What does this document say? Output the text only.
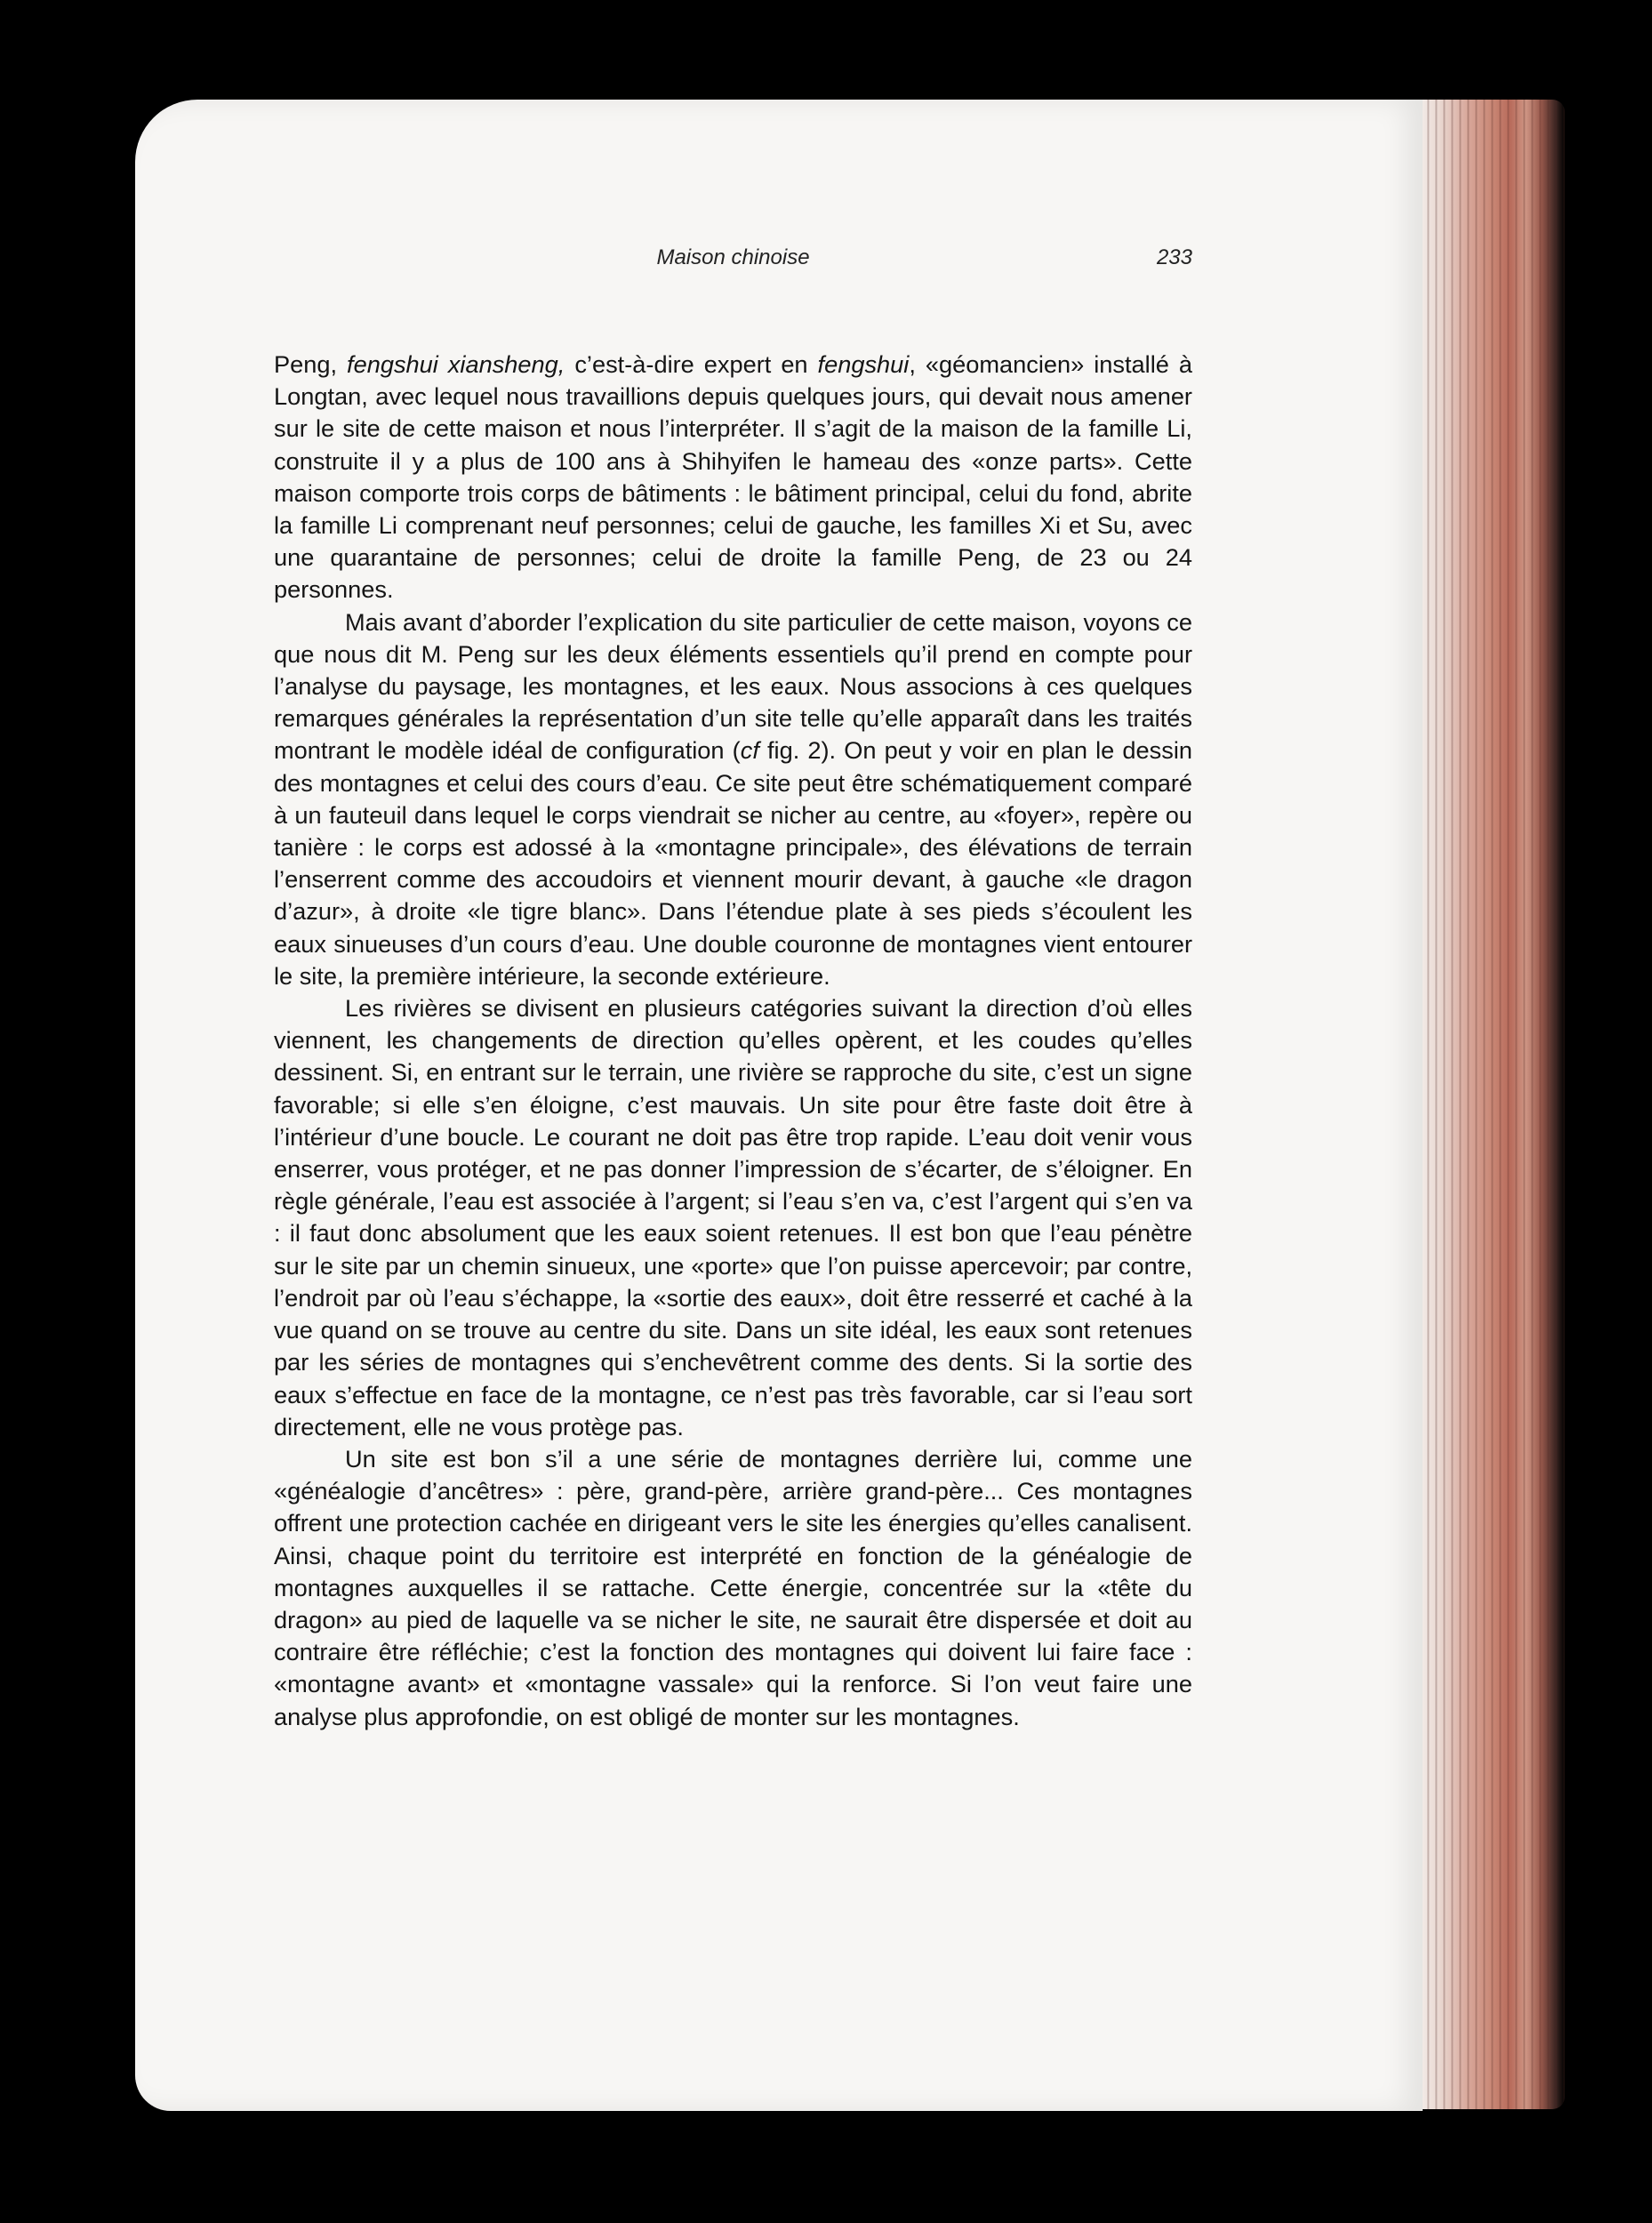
Maison chinoise	233

Peng, fengshui xiansheng, c’est-à-dire expert en fengshui, «géomancien» installé à Longtan, avec lequel nous travaillions depuis quelques jours, qui devait nous amener sur le site de cette maison et nous l’interpréter. Il s’agit de la maison de la famille Li, construite il y a plus de 100 ans à Shihyifen le hameau des «onze parts». Cette maison comporte trois corps de bâtiments : le bâtiment principal, celui du fond, abrite la famille Li comprenant neuf personnes; celui de gauche, les familles Xi et Su, avec une quarantaine de personnes; celui de droite la famille Peng, de 23 ou 24 personnes.

Mais avant d’aborder l’explication du site particulier de cette maison, voyons ce que nous dit M. Peng sur les deux éléments essentiels qu’il prend en compte pour l’analyse du paysage, les montagnes, et les eaux. Nous associons à ces quelques remarques générales la représentation d’un site telle qu’elle apparaît dans les traités montrant le modèle idéal de configuration (cf fig. 2). On peut y voir en plan le dessin des montagnes et celui des cours d’eau. Ce site peut être schématiquement comparé à un fauteuil dans lequel le corps viendrait se nicher au centre, au «foyer», repère ou tanière : le corps est adossé à la «montagne principale», des élévations de terrain l’enserrent comme des accoudoirs et viennent mourir devant, à gauche «le dragon d’azur», à droite «le tigre blanc». Dans l’étendue plate à ses pieds s’écoulent les eaux sinueuses d’un cours d’eau. Une double couronne de montagnes vient entourer le site, la première intérieure, la seconde extérieure.

Les rivières se divisent en plusieurs catégories suivant la direction d’où elles viennent, les changements de direction qu’elles opèrent, et les coudes qu’elles dessinent. Si, en entrant sur le terrain, une rivière se rapproche du site, c’est un signe favorable; si elle s’en éloigne, c’est mauvais. Un site pour être faste doit être à l’intérieur d’une boucle. Le courant ne doit pas être trop rapide. L’eau doit venir vous enserrer, vous protéger, et ne pas donner l’impression de s’écarter, de s’éloigner. En règle générale, l’eau est associée à l’argent; si l’eau s’en va, c’est l’argent qui s’en va : il faut donc absolument que les eaux soient retenues. Il est bon que l’eau pénètre sur le site par un chemin sinueux, une «porte» que l’on puisse apercevoir; par contre, l’endroit par où l’eau s’échappe, la «sortie des eaux», doit être resserré et caché à la vue quand on se trouve au centre du site. Dans un site idéal, les eaux sont retenues par les séries de montagnes qui s’enchevêtrent comme des dents. Si la sortie des eaux s’effectue en face de la montagne, ce n’est pas très favorable, car si l’eau sort directement, elle ne vous protège pas.

Un site est bon s’il a une série de montagnes derrière lui, comme une «généalogie d’ancêtres» : père, grand-père, arrière grand-père... Ces montagnes offrent une protection cachée en dirigeant vers le site les énergies qu’elles canalisent. Ainsi, chaque point du territoire est interprété en fonction de la généalogie de montagnes auxquelles il se rattache. Cette énergie, concentrée sur la «tête du dragon» au pied de laquelle va se nicher le site, ne saurait être dispersée et doit au contraire être réfléchie; c’est la fonction des montagnes qui doivent lui faire face : «montagne avant» et «montagne vassale» qui la renforce. Si l’on veut faire une analyse plus approfondie, on est obligé de monter sur les montagnes.
